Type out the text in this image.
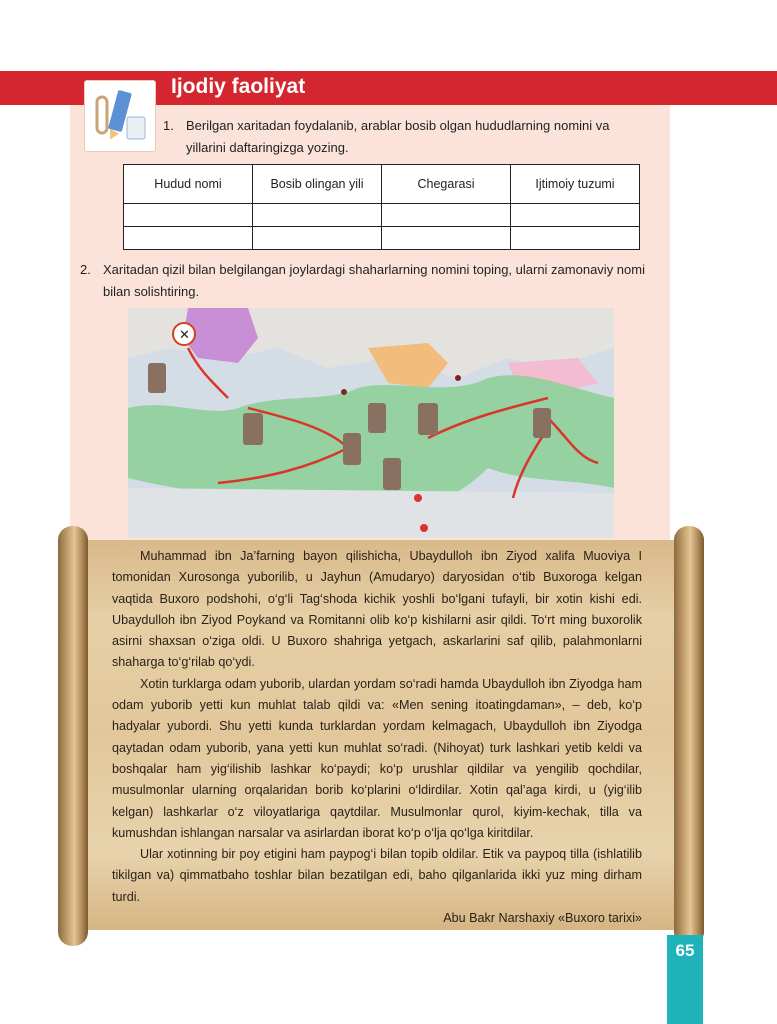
Ijodiy faoliyat
1. Berilgan xaritadan foydalanib, arablar bosib olgan hududlarning nomini va yillarini daftaringizga yozing.
Hudud nomi	Bosib olingan yili	Chegarasi	Ijtimoiy tuzumi

2. Xaritadan qizil bilan belgilangan joylardagi shaharlarning nomini toping, ularni zamonaviy nomi bilan solishtiring.
✕

Muhammad ibn Ja’farning bayon qilishicha, Ubaydulloh ibn Ziyod xalifa Muoviya I tomonidan Xurosonga yuborilib, u Jayhun (Amudaryo) daryosidan o‘tib Buxoroga kelgan vaqtida Buxoro podshohi, o‘g‘li Tag‘shoda kichik yoshli bo‘lgani tufayli, bir xotin kishi edi. Ubaydulloh ibn Ziyod Poykand va Romitanni olib ko‘p kishilarni asir qildi. To‘rt ming buxorolik asirni shaxsan o‘ziga oldi. U Buxoro shahriga yetgach, askarlarini saf qilib, palahmonlarni shaharga to‘g‘rilab qo‘ydi.

Xotin turklarga odam yuborib, ulardan yordam so‘radi hamda Ubaydulloh ibn Ziyodga ham odam yuborib yetti kun muhlat talab qildi va: «Men sening itoatingdaman», – deb, ko‘p hadyalar yubordi. Shu yetti kunda turklardan yordam kelmagach, Ubaydulloh ibn Ziyodga qaytadan odam yuborib, yana yetti kun muhlat so‘radi. (Nihoyat) turk lashkari yetib keldi va boshqalar ham yig‘ilishib lashkar ko‘paydi; ko‘p urushlar qildilar va yengilib qochdilar, musulmonlar ularning orqalaridan borib ko‘plarini o‘ldirdilar. Xotin qal’aga kirdi, u (yig‘ilib kelgan) lashkarlar o‘z viloyatlariga qaytdilar. Musulmonlar qurol, kiyim-kechak, tilla va kumushdan ishlangan narsalar va asirlardan iborat ko‘p o‘lja qo‘lga kiritdilar.

Ular xotinning bir poy etigini ham paypog‘i bilan topib oldilar. Etik va paypoq tilla (ishlatilib tikilgan va) qimmatbaho toshlar bilan bezatilgan edi, baho qilganlarida ikki yuz ming dirham turdi.

Abu Bakr Narshaxiy «Buxoro tarixi»

65
